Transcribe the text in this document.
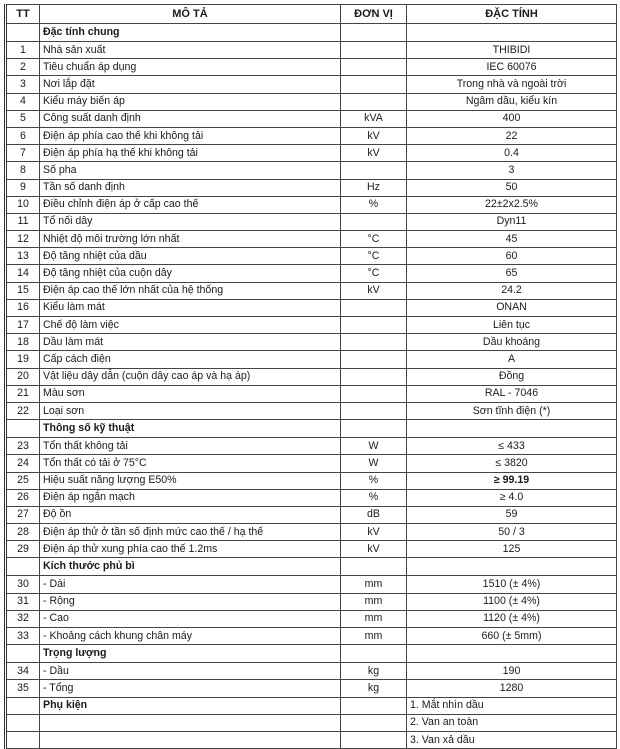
TT	MÔ TẢ	ĐƠN VỊ	ĐẶC TÍNH
	Đặc tính chung		
1	Nhà sản xuất		THIBIDI
2	Tiêu chuẩn áp dụng		IEC 60076
3	Nơi lắp đặt		Trong nhà và ngoài trời
4	Kiểu máy biến áp		Ngâm dầu, kiểu kín
5	Công suất danh định	kVA	400
6	Điện áp phía cao thế khi không tải	kV	22
7	Điện áp phía hạ thế khi không tải	kV	0.4
8	Số pha		3
9	Tần số danh định	Hz	50
10	Điều chỉnh điện áp ở cấp cao thế	%	22±2x2.5%
11	Tổ nối dây		Dyn11
12	Nhiệt độ môi trường lớn nhất	°C	45
13	Độ tăng nhiệt của dầu	°C	60
14	Độ tăng nhiệt của cuộn dây	°C	65
15	Điện áp cao thế lớn nhất của hệ thống	kV	24.2
16	Kiểu làm mát		ONAN
17	Chế độ làm việc		Liên tục
18	Dầu làm mát		Dầu khoáng
19	Cấp cách điện		A
20	Vật liệu dây dẫn (cuộn dây cao áp và hạ áp)		Đồng
21	Màu sơn		RAL - 7046
22	Loại sơn		Sơn tĩnh điện (*)
	Thông số kỹ thuật		
23	Tổn thất không tải	W	≤ 433
24	Tổn thất có tải ở 75°C	W	≤ 3820
25	Hiệu suất năng lượng E50%	%	≥ 99.19
26	Điện áp ngắn mạch	%	≥ 4.0
27	Độ ồn	dB	59
28	Điện áp thử ở tần số định mức cao thế / hạ thế	kV	50 / 3
29	Điện áp thử xung phía cao thế 1.2ms	kV	125
	Kích thước phủ bì		
30	- Dài	mm	1510 (± 4%)
31	- Rộng	mm	1100 (± 4%)
32	- Cao	mm	1120 (± 4%)
33	- Khoảng cách khung chân máy	mm	660 (± 5mm)
	Trọng lượng		
34	- Dầu	kg	190
35	- Tổng	kg	1280
	Phụ kiện		1. Mắt nhìn dầu
			2. Van an toàn
			3. Van xả dầu
